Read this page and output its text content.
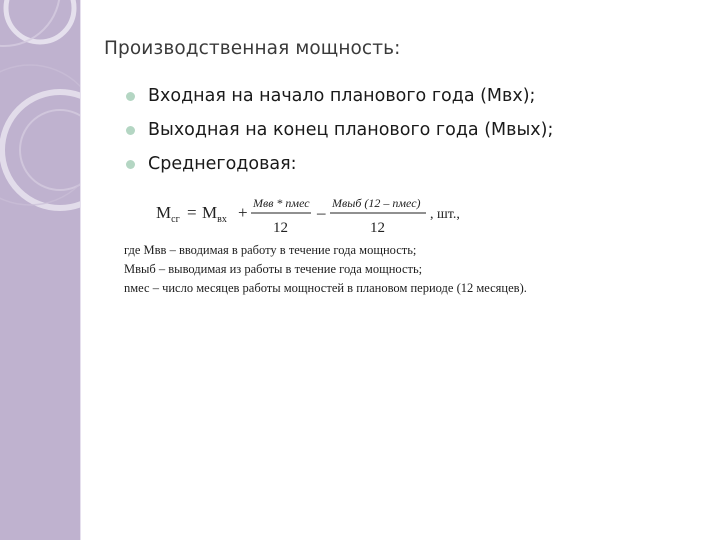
Производственная мощность:
Входная на начало планового года (Мвх);
Выходная на конец планового года (Мвых);
Среднегодовая:
$М_{сг} = М_{вх}$ + Мвв * nмес
12
– Мвыб (12 – nмес)
12
, шт.,
где Мвв – вводимая в работу в течение года мощность;
Мвыб – выводимая из работы в течение года мощность;
nмес – число месяцев работы мощностей в плановом периоде (12 месяцев).
